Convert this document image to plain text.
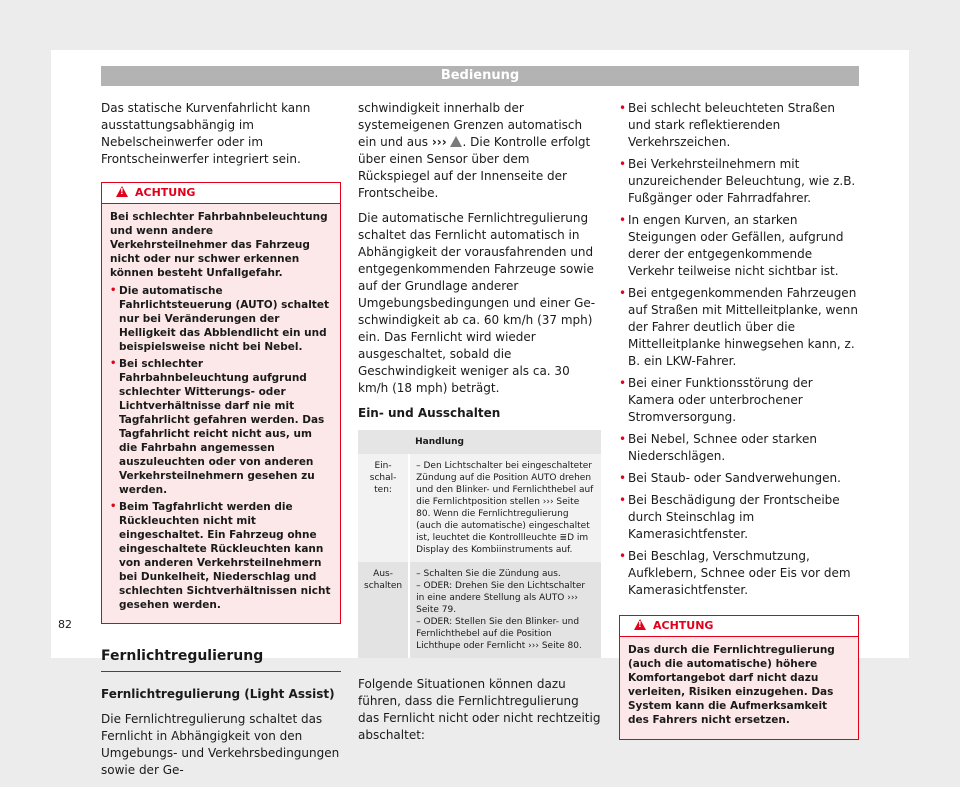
Bedienung

Das statische Kurvenfahrlicht kann ausstattungsabhängig im Nebelscheinwerfer oder im Frontscheinwerfer integriert sein.

!ACHTUNG

Bei schlechter Fahrbahnbeleuchtung und wenn andere Verkehrsteilnehmer das Fahrzeug nicht oder nur schwer erkennen können besteht Unfallgefahr.

• Die automatische Fahrlichtsteuerung (AUTO) schaltet nur bei Veränderungen der Helligkeit das Abblendlicht ein und beispielsweise nicht bei Nebel.
• Bei schlechter Fahrbahnbeleuchtung aufgrund schlechter Witterungs- oder Lichtverhältnisse darf nie mit Tagfahrlicht gefahren werden. Das Tagfahrlicht reicht nicht aus, um die Fahrbahn angemessen auszuleuchten oder von anderen Verkehrsteilnehmern gesehen zu werden.
• Beim Tagfahrlicht werden die Rückleuchten nicht mit eingeschaltet. Ein Fahrzeug ohne eingeschaltete Rückleuchten kann von anderen Verkehrsteilnehmern bei Dunkelheit, Niederschlag und schlechten Sichtverhältnissen nicht gesehen werden.
Fernlichtregulierung

Fernlichtregulierung (Light Assist)

Die Fernlichtregulierung schaltet das Fernlicht in Abhängigkeit von den Umgebungs- und Verkehrsbedingungen sowie der Ge-

schwindigkeit innerhalb der systemeigenen Grenzen automatisch ein und aus ››› . Die Kontrolle erfolgt über einen Sensor über dem Rückspiegel auf der Innenseite der Frontscheibe.

Die automatische Fernlichtregulierung schaltet das Fernlicht automatisch in Abhängigkeit der vorausfahrenden und entgegenkommenden Fahrzeuge sowie auf der Grundlage anderer Umgebungsbedingungen und einer Geschwindigkeit ab ca. 60 km/h (37 mph) ein. Das Fernlicht wird wieder ausgeschaltet, sobald die Geschwindigkeit weniger als ca. 30 km/h (18 mph) beträgt.

Ein- und Ausschalten

	Handlung
Einschalten:	– Den Lichtschalter bei eingeschalteter Zündung auf die Position AUTO drehen und den Blinker- und Fernlichthebel auf die Fernlichtposition stellen ››› Seite 80. Wenn die Fernlichtregulierung (auch die automatische) eingeschaltet ist, leuchtet die Kontrollleuchte ≣D im Display des Kombiinstruments auf.
Ausschalten	– Schalten Sie die Zündung aus.
– ODER: Drehen Sie den Lichtschalter in eine andere Stellung als AUTO ››› Seite 79.
– ODER: Stellen Sie den Blinker- und Fernlichthebel auf die Position Lichthupe oder Fernlicht ››› Seite 80.

Folgende Situationen können dazu führen, dass die Fernlichtregulierung das Fernlicht nicht oder nicht rechtzeitig abschaltet:

• Bei schlecht beleuchteten Straßen und stark reflektierenden Verkehrszeichen.
• Bei Verkehrsteilnehmern mit unzureichender Beleuchtung, wie z.B. Fußgänger oder Fahrradfahrer.
• In engen Kurven, an starken Steigungen oder Gefällen, aufgrund derer der entgegenkommende Verkehr teilweise nicht sichtbar ist.
• Bei entgegenkommenden Fahrzeugen auf Straßen mit Mittelleitplanke, wenn der Fahrer deutlich über die Mittelleitplanke hinwegsehen kann, z. B. ein LKW-Fahrer.
• Bei einer Funktionsstörung der Kamera oder unterbrochener Stromversorgung.
• Bei Nebel, Schnee oder starken Niederschlägen.
• Bei Staub- oder Sandverwehungen.
• Bei Beschädigung der Frontscheibe durch Steinschlag im Kamerasichtfenster.
• Bei Beschlag, Verschmutzung, Aufklebern, Schnee oder Eis vor dem Kamerasichtfenster.
!ACHTUNG

Das durch die Fernlichtregulierung (auch die automatische) höhere Komfortangebot darf nicht dazu verleiten, Risiken einzugehen. Das System kann die Aufmerksamkeit des Fahrers nicht ersetzen.

82
